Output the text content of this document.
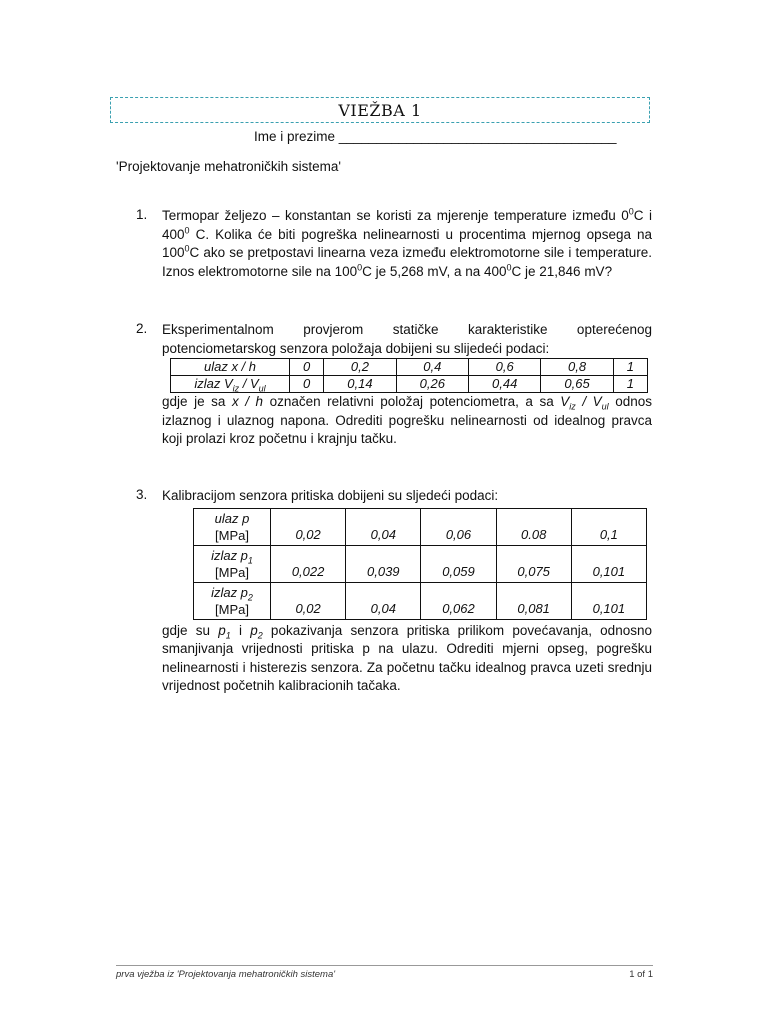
VIEŽBA 1
Ime i prezime _____________________________________
'Projektovanje mehatroničkih sistema'
1.	Termopar željezo – konstantan se koristi za mjerenje temperature između $0^0C$ i $400^0$ C. Kolika će biti pogreška nelinearnosti u procentima mjernog opsega na $100^0C$ ako se pretpostavi linearna veza između elektromotorne sile i temperature. Iznos elektromotorne sile na $100^0C$ je 5,268 mV, a na $400^0C$ je 21,846 mV?

2.	Eksperimentalnom provjerom statičke karakteristike opterećenog potenciometarskog senzora položaja dobijeni su slijedeći podaci:

ulaz x / h	0	0,2	0,4	0,6	0,8	1
izlaz $V_{iz} / V_{ul}$	0	0,14	0,26	0,44	0,65	1

gdje je sa x / h označen relativni položaj potenciometra, a sa $V_{iz} / V_{ul}$ odnos izlaznog i ulaznog napona. Odrediti pogrešku nelinearnosti od idealnog pravca koji prolazi kroz početnu i krajnju tačku.

3.	Kalibracijom senzora pritiska dobijeni su sljedeći podaci:

ulaz p
[MPa]	0,02	0,04	0,06	0.08	0,1
izlaz $p_1$
[MPa]	0,022	0,039	0,059	0,075	0,101
izlaz $p_2$
[MPa]	0,02	0,04	0,062	0,081	0,101

gdje su $p_1$ i $p_2$ pokazivanja senzora pritiska prilikom povećavanja, odnosno smanjivanja vrijednosti pritiska p na ulazu. Odrediti mjerni opseg, pogrešku nelinearnosti i histerezis senzora. Za početnu tačku idealnog pravca uzeti srednju vrijednost početnih kalibracionih tačaka.

prva vježba iz 'Projektovanja mehatroničkih sistema'	1 of 1
